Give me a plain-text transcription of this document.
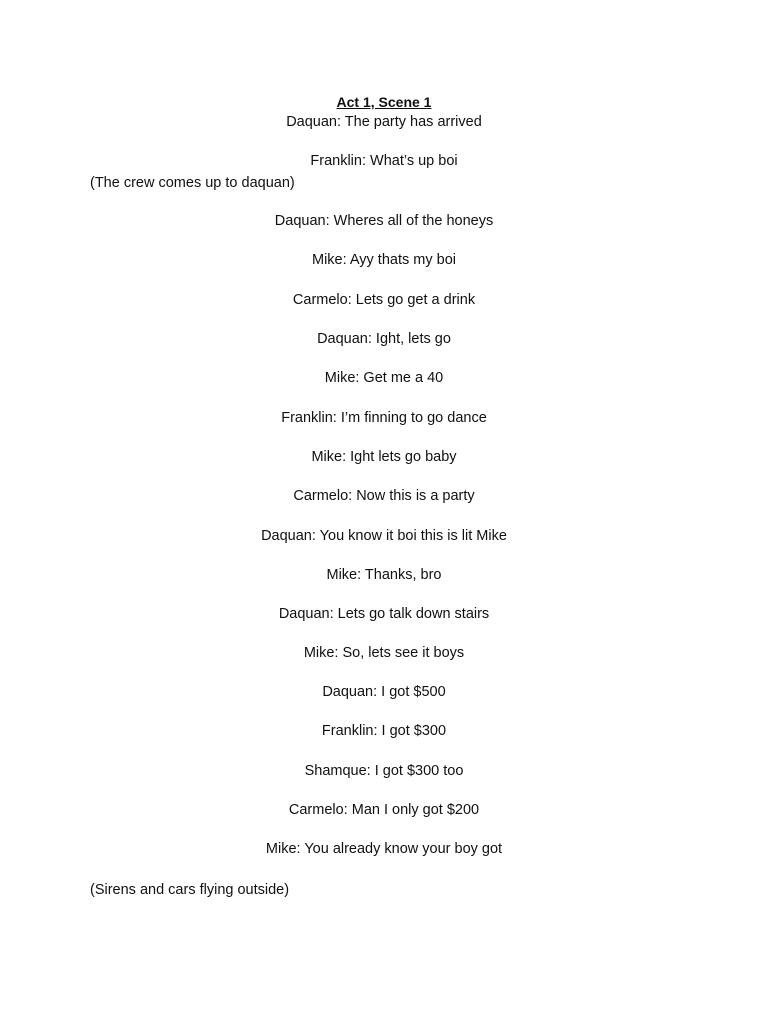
Act 1, Scene 1
Daquan: The party has arrived
Franklin: What’s up boi
(The crew comes up to daquan)
Daquan: Wheres all of the honeys
Mike: Ayy thats my boi
Carmelo: Lets go get a drink
Daquan: Ight, lets go
Mike: Get me a 40
Franklin: I’m finning to go dance
Mike: Ight lets go baby
Carmelo: Now this is a party
Daquan: You know it boi this is lit Mike
Mike: Thanks, bro
Daquan: Lets go talk down stairs
Mike: So, lets see it boys
Daquan: I got $500
Franklin: I got $300
Shamque: I got $300 too
Carmelo: Man I only got $200
Mike: You already know your boy got
(Sirens and cars flying outside)
